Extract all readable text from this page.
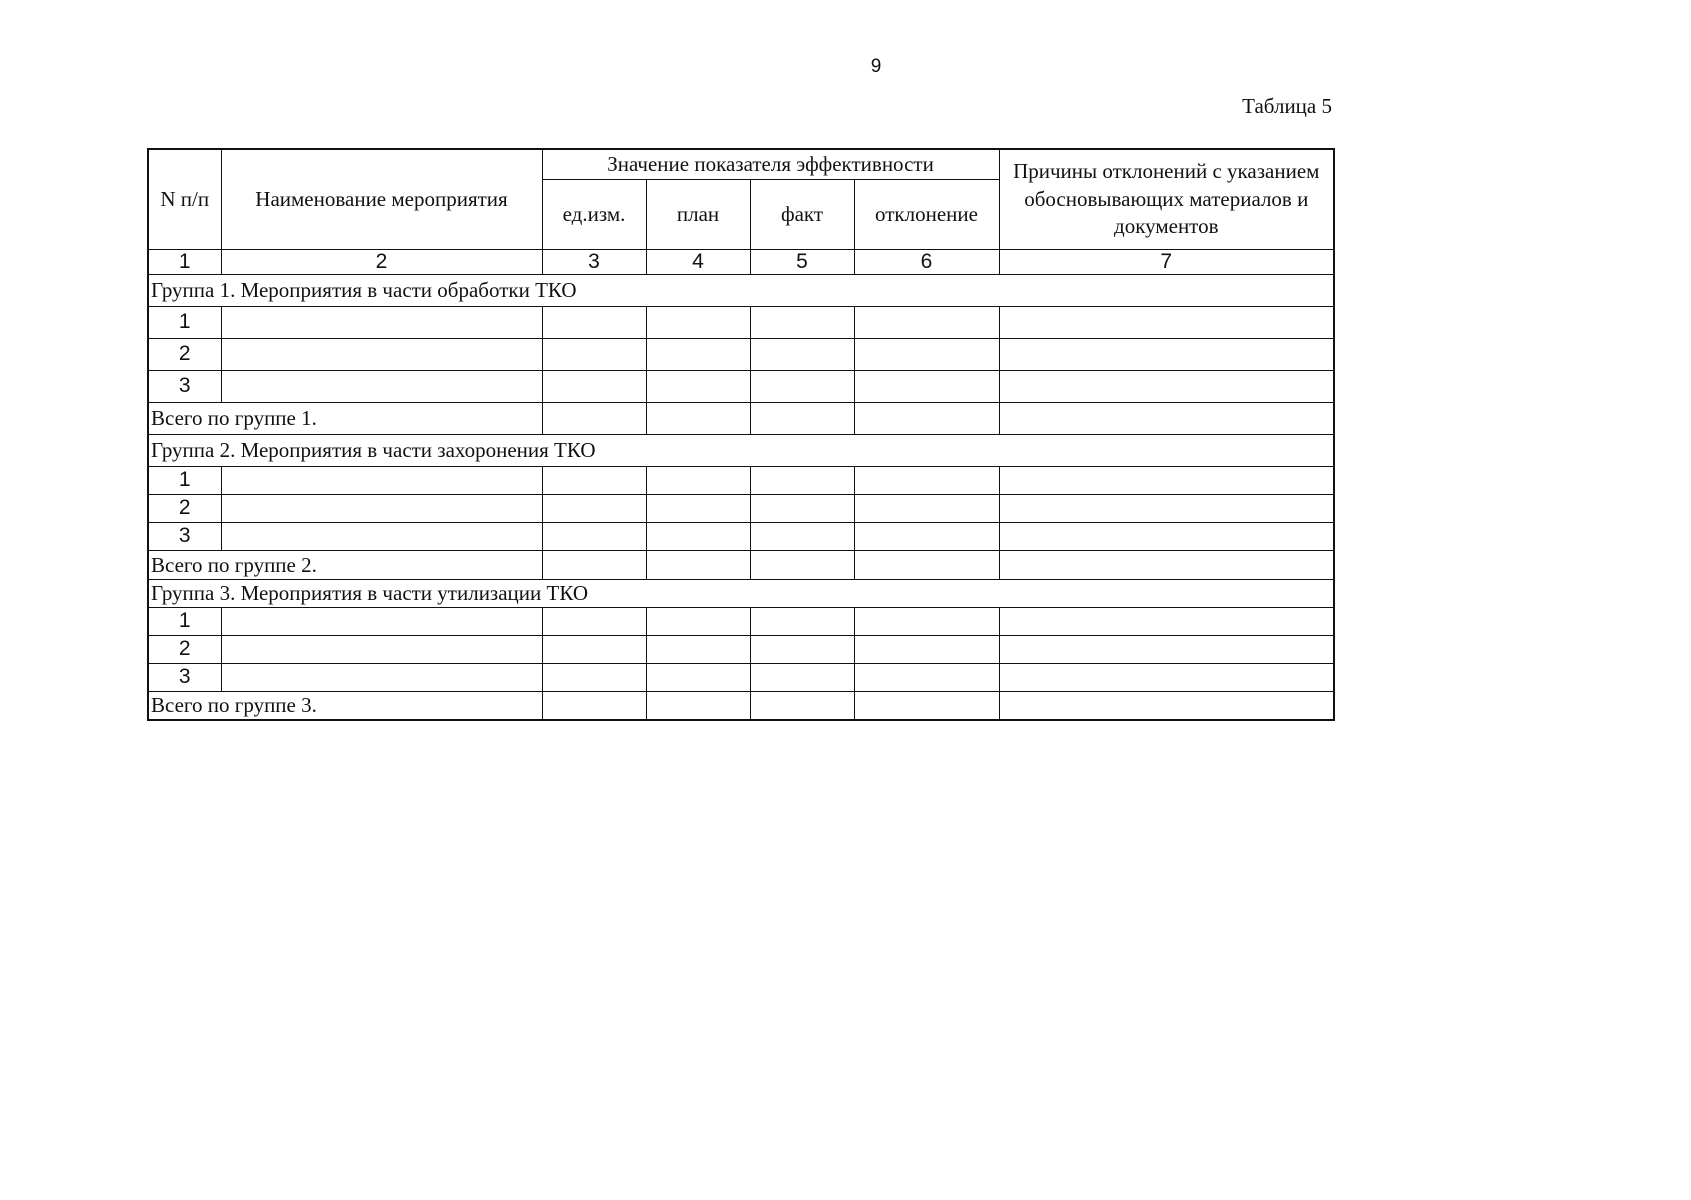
9
Таблица 5
N п/п	Наименование мероприятия	Значение показателя эффективности				Причины отклонений с указанием обосновывающих материалов и документов
		ед.изм.	план	факт	отклонение	
1	2	3	4	5	6	7
Группа 1. Мероприятия в части обработки ТКО						
1						
2						
3						
Всего по группе 1.						
Группа 2. Мероприятия в части захоронения ТКО						
1						
2						
3						
Всего по группе 2.						
Группа 3. Мероприятия в части утилизации ТКО						
1						
2						
3						
Всего по группе 3.						
